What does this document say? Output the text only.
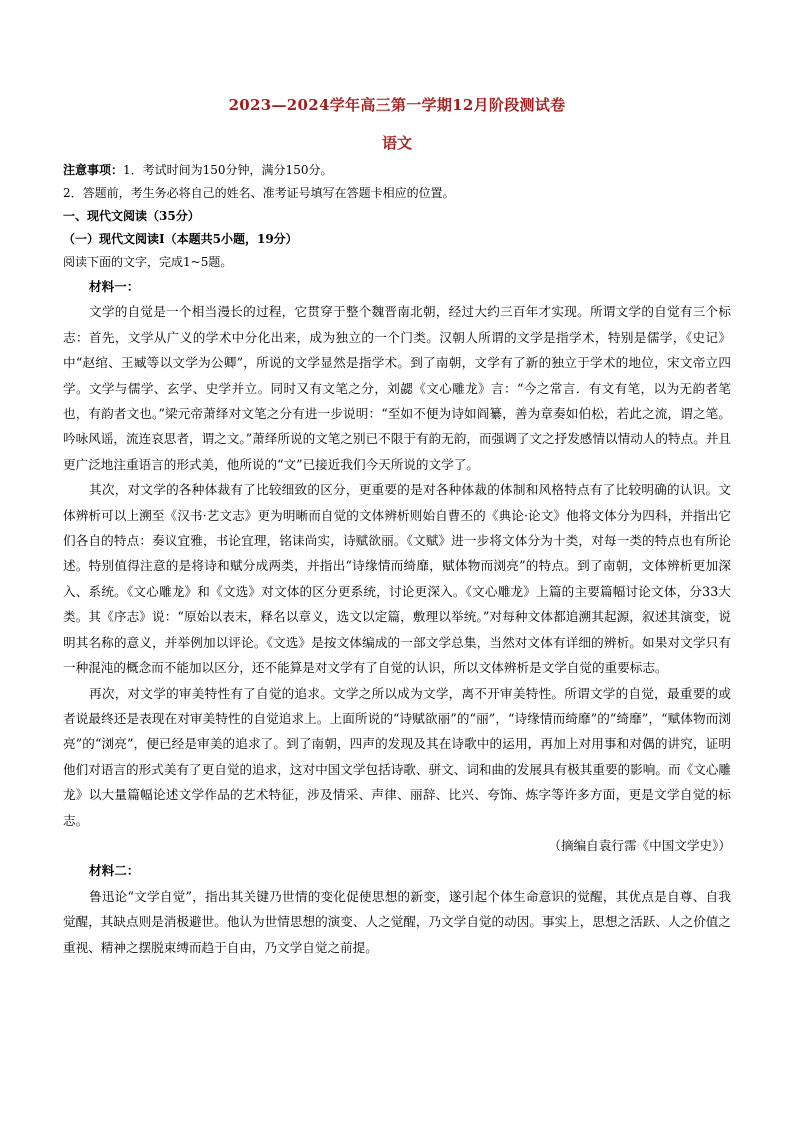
2023—2024学年高三第一学期12月阶段测试卷
语文
注意事项：1．考试时间为150分钟，满分150分。
2．答题前，考生务必将自己的姓名、准考证号填写在答题卡相应的位置。
一、现代文阅读（35分）
（一）现代文阅读Ⅰ（本题共5小题，19分）
阅读下面的文字，完成1~5题。
材料一：

文学的自觉是一个相当漫长的过程，它贯穿于整个魏晋南北朝，经过大约三百年才实现。所谓文学的自觉有三个标志：首先，文学从广义的学术中分化出来，成为独立的一个门类。汉朝人所谓的文学是指学术，特别是儒学，《史记》中“赵绾、王臧等以文学为公卿”，所说的文学显然是指学术。到了南朝，文学有了新的独立于学术的地位，宋文帝立四学。文学与儒学、玄学、史学并立。同时又有文笔之分，刘勰《文心雕龙》言：“今之常言．有文有笔，以为无韵者笔也，有韵者文也。”梁元帝萧绎对文笔之分有进一步说明：“至如不便为诗如阎纂，善为章奏如伯松，若此之流，谓之笔。吟咏风谣，流连哀思者，谓之文。”萧绎所说的文笔之别已不限于有韵无韵，而强调了文之抒发感情以情动人的特点。并且更广泛地注重语言的形式美，他所说的“文”已接近我们今天所说的文学了。

其次，对文学的各种体裁有了比较细致的区分，更重要的是对各种体裁的体制和风格特点有了比较明确的认识。文体辨析可以上溯至《汉书·艺文志》更为明晰而自觉的文体辨析则始自曹丕的《典论·论文》他将文体分为四科，并指出它们各自的特点：奏议宜雅，书论宜理，铭诔尚实，诗赋欲丽。《文赋》进一步将文体分为十类，对每一类的特点也有所论述。特别值得注意的是将诗和赋分成两类，并指出“诗缘情而绮靡，赋体物而浏亮”的特点。到了南朝，文体辨析更加深入、系统。《文心雕龙》和《文选》对文体的区分更系统，讨论更深入。《文心雕龙》上篇的主要篇幅讨论文体，分33大类。其《序志》说：“原始以表末，释名以章义，选文以定篇，敷理以举统。”对每种文体都追溯其起源，叙述其演变，说明其名称的意义，并举例加以评论。《文选》是按文体编成的一部文学总集，当然对文体有详细的辨析。如果对文学只有一种混沌的概念而不能加以区分，还不能算是对文学有了自觉的认识，所以文体辨析是文学自觉的重要标志。

再次，对文学的审美特性有了自觉的追求。文学之所以成为文学，离不开审美特性。所谓文学的自觉，最重要的或者说最终还是表现在对审美特性的自觉追求上。上面所说的“诗赋欲丽”的“丽”，“诗缘情而绮靡”的“绮靡”，“赋体物而浏亮”的“浏亮”，便已经是审美的追求了。到了南朝，四声的发现及其在诗歌中的运用，再加上对用事和对偶的讲究，证明他们对语言的形式美有了更自觉的追求，这对中国文学包括诗歌、骈文、词和曲的发展具有极其重要的影响。而《文心雕龙》以大量篇幅论述文学作品的艺术特征，涉及情采、声律、丽辞、比兴、夸饰、炼字等许多方面，更是文学自觉的标志。

（摘编自袁行霈《中国文学史》）

材料二：

鲁迅论“文学自觉”，指出其关键乃世情的变化促使思想的新变，遂引起个体生命意识的觉醒，其优点是自尊、自我觉醒，其缺点则是消极避世。他认为世情思想的演变、人之觉醒，乃文学自觉的动因。事实上，思想之活跃、人之价值之重视、精神之摆脱束缚而趋于自由，乃文学自觉之前提。
